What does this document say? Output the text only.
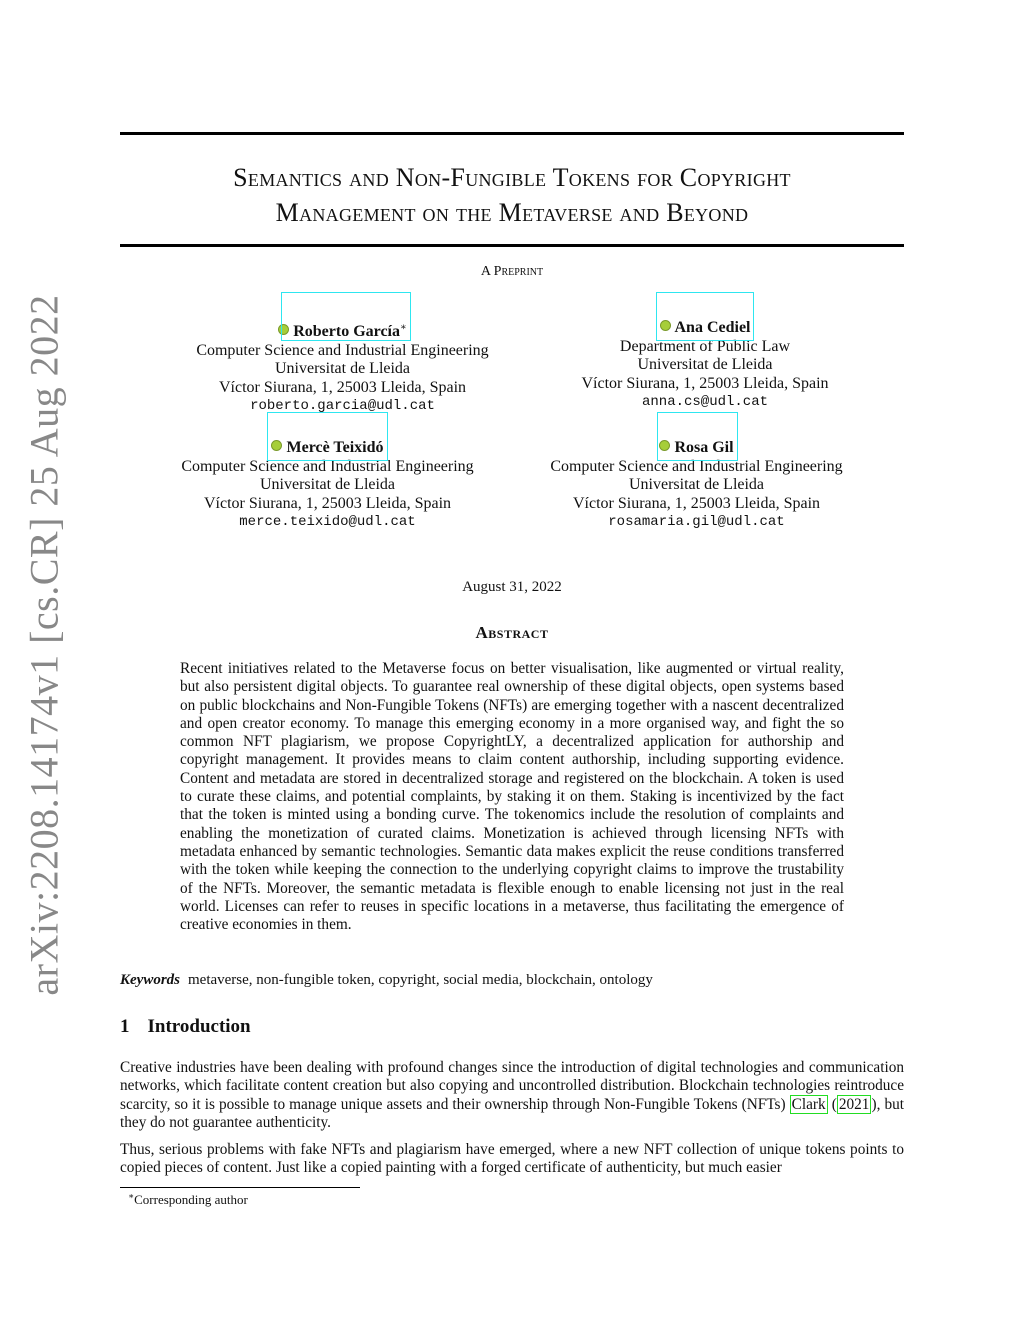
arXiv:2208.14174v1 [cs.CR] 25 Aug 2022
Semantics and Non-Fungible Tokens for Copyright
Management on the Metaverse and Beyond
A Preprint
Roberto García∗
Computer Science and Industrial Engineering
Universitat de Lleida
Víctor Siurana, 1, 25003 Lleida, Spain
roberto.garcia@udl.cat
Ana Cediel
Department of Public Law
Universitat de Lleida
Víctor Siurana, 1, 25003 Lleida, Spain
anna.cs@udl.cat
Mercè Teixidó
Computer Science and Industrial Engineering
Universitat de Lleida
Víctor Siurana, 1, 25003 Lleida, Spain
merce.teixido@udl.cat
Rosa Gil
Computer Science and Industrial Engineering
Universitat de Lleida
Víctor Siurana, 1, 25003 Lleida, Spain
rosamaria.gil@udl.cat
August 31, 2022
Abstract
Recent initiatives related to the Metaverse focus on better visualisation, like augmented or virtual reality, but also persistent digital objects. To guarantee real ownership of these digital objects, open systems based on public blockchains and Non-Fungible Tokens (NFTs) are emerging together with a nascent decentralized and open creator economy. To manage this emerging economy in a more organised way, and fight the so common NFT plagiarism, we propose CopyrightLY, a decentralized application for authorship and copyright management. It provides means to claim content authorship, including supporting evidence. Content and metadata are stored in decentralized storage and registered on the blockchain. A token is used to curate these claims, and potential complaints, by staking it on them. Staking is incentivized by the fact that the token is minted using a bonding curve. The tokenomics include the resolution of complaints and enabling the monetization of curated claims. Monetization is achieved through licensing NFTs with metadata enhanced by semantic technologies. Semantic data makes explicit the reuse conditions transferred with the token while keeping the connection to the underlying copyright claims to improve the trustability of the NFTs. Moreover, the semantic metadata is flexible enough to enable licensing not just in the real world. Licenses can refer to reuses in specific locations in a metaverse, thus facilitating the emergence of creative economies in them.
Keywords metaverse, non-fungible token, copyright, social media, blockchain, ontology
1 Introduction
Creative industries have been dealing with profound changes since the introduction of digital technologies and communication networks, which facilitate content creation but also copying and uncontrolled distribution. Blockchain technologies reintroduce scarcity, so it is possible to manage unique assets and their ownership through Non-Fungible Tokens (NFTs) Clark ( 2021 ), but they do not guarantee authenticity.
Thus, serious problems with fake NFTs and plagiarism have emerged, where a new NFT collection of unique tokens points to copied pieces of content. Just like a copied painting with a forged certificate of authenticity, but much easier
∗Corresponding author
